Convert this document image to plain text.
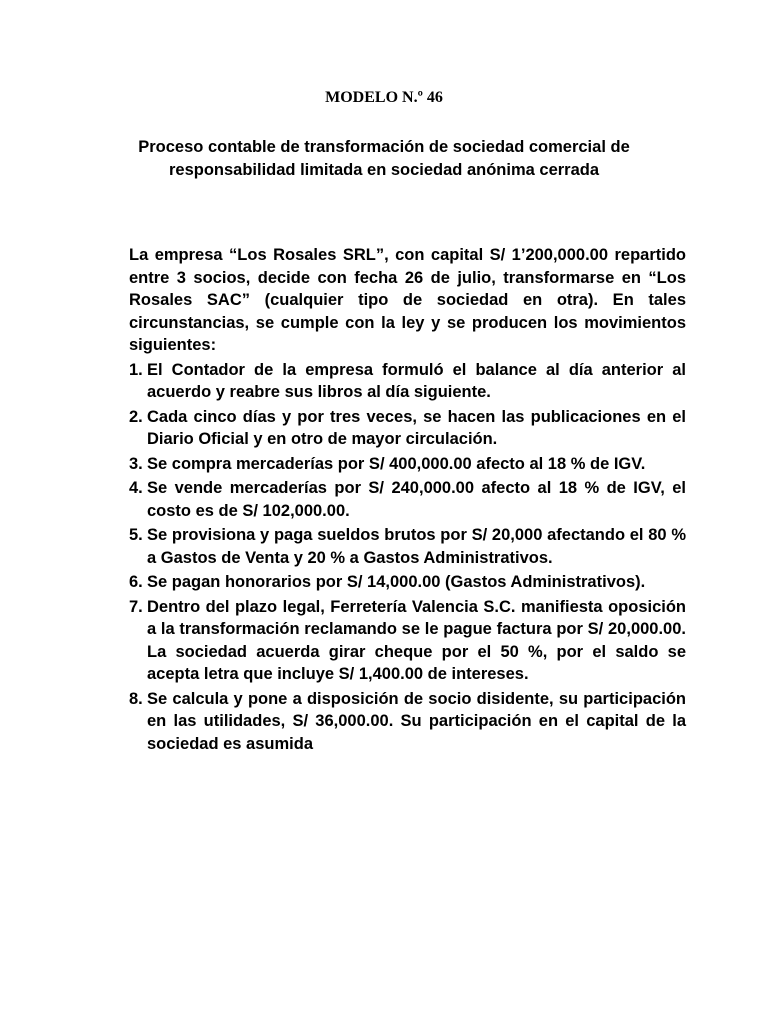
MODELO N.º 46
Proceso contable de transformación de sociedad comercial de responsabilidad limitada en sociedad anónima cerrada

La empresa “Los Rosales SRL”, con capital S/ 1’200,000.00 repartido entre 3 socios, decide con fecha 26 de julio, transformarse en “Los Rosales SAC” (cualquier tipo de sociedad en otra). En tales circunstancias, se cumple con la ley y se producen los movimientos siguientes:

1. El Contador de la empresa formuló el balance al día anterior al acuerdo y reabre sus libros al día siguiente.
2. Cada cinco días y por tres veces, se hacen las publicaciones en el Diario Oficial y en otro de mayor circulación.
3. Se compra mercaderías por S/ 400,000.00 afecto al 18 % de IGV.
4. Se vende mercaderías por S/ 240,000.00 afecto al 18 % de IGV, el costo es de S/ 102,000.00.
5. Se provisiona y paga sueldos brutos por S/ 20,000 afectando el 80 % a Gastos de Venta y 20 % a Gastos Administrativos.
6. Se pagan honorarios por S/ 14,000.00 (Gastos Administrativos).
7. Dentro del plazo legal, Ferretería Valencia S.C. manifiesta oposición a la transformación reclamando se le pague factura por S/ 20,000.00. La sociedad acuerda girar cheque por el 50 %, por el saldo se acepta letra que incluye S/ 1,400.00 de intereses.
8. Se calcula y pone a disposición de socio disidente, su participación en las utilidades, S/ 36,000.00. Su participación en el capital de la sociedad es asumida
